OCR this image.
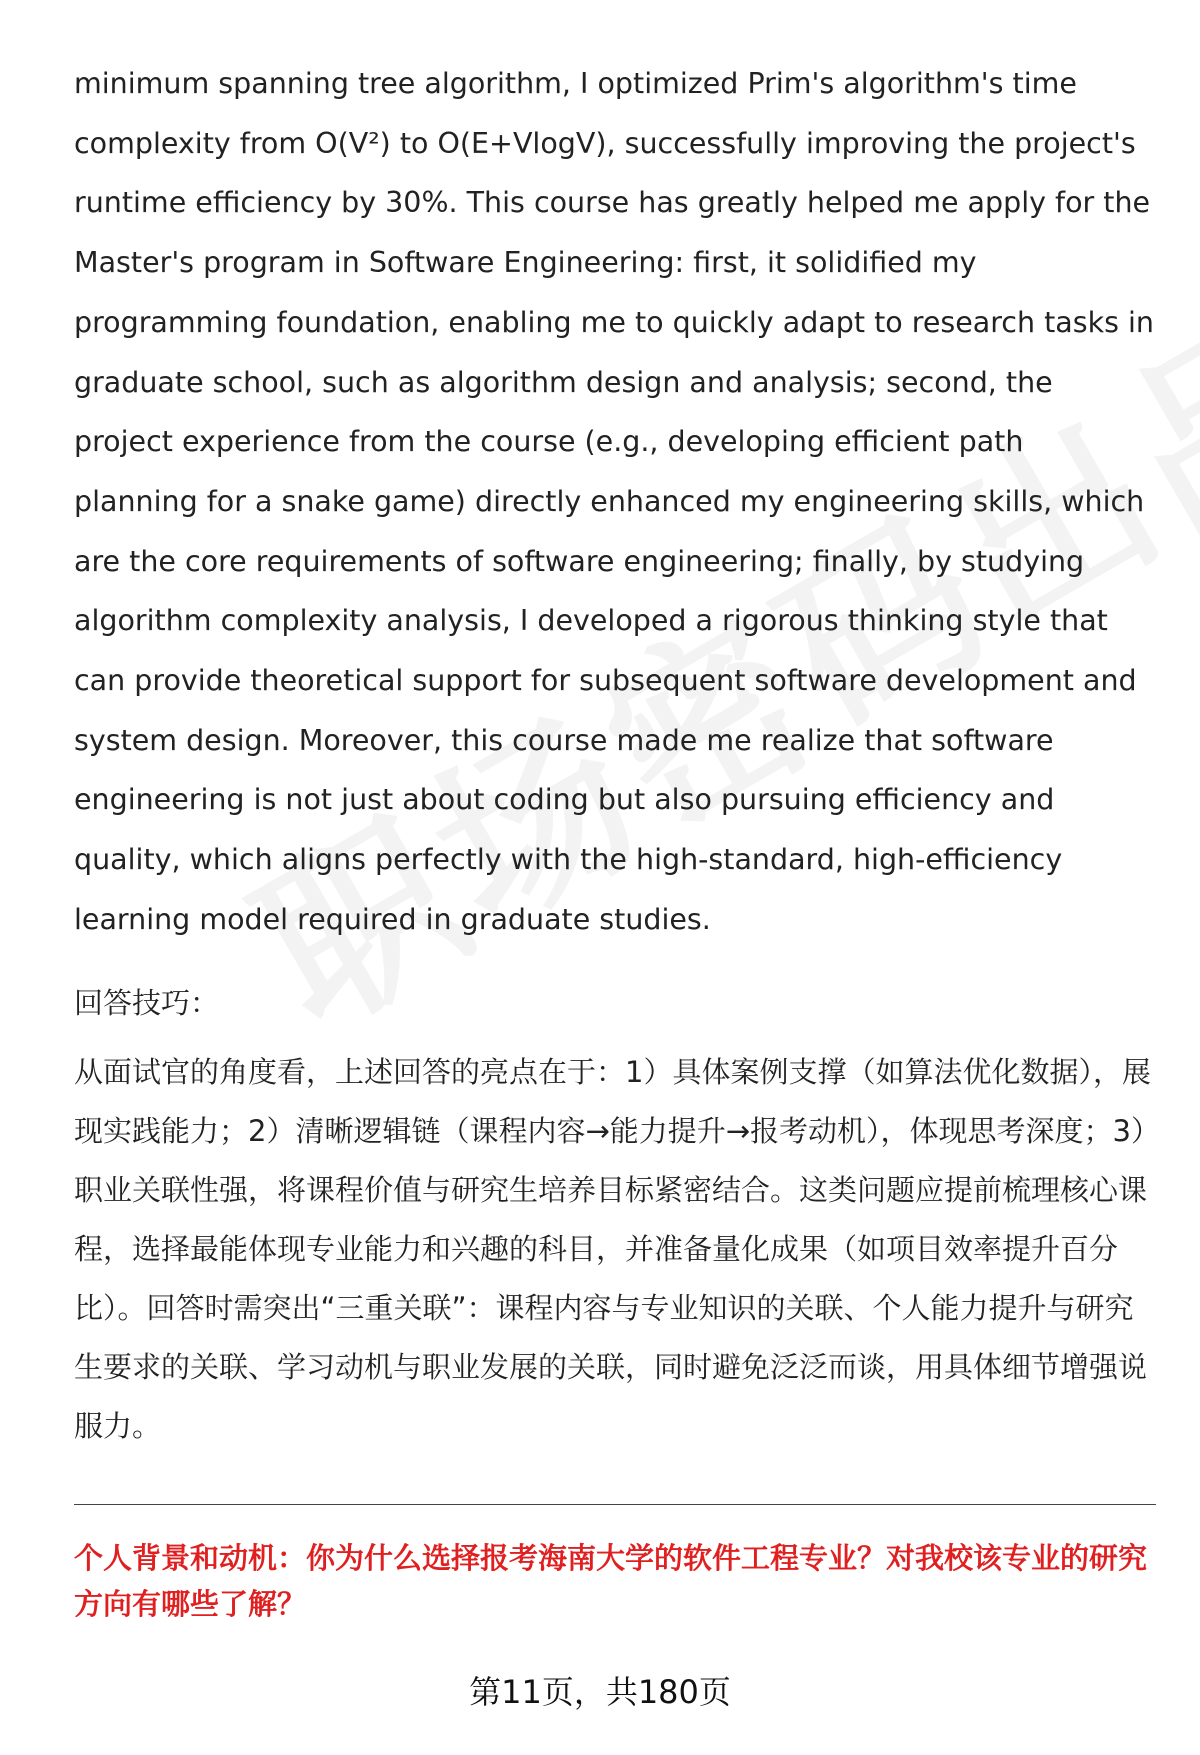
minimum spanning tree algorithm, I optimized Prim's algorithm's time complexity from O(V²) to O(E+VlogV), successfully improving the project's runtime efficiency by 30%. This course has greatly helped me apply for the Master's program in Software Engineering: first, it solidified my programming foundation, enabling me to quickly adapt to research tasks in graduate school, such as algorithm design and analysis; second, the project experience from the course (e.g., developing efficient path planning for a snake game) directly enhanced my engineering skills, which are the core requirements of software engineering; finally, by studying algorithm complexity analysis, I developed a rigorous thinking style that can provide theoretical support for subsequent software development and system design. Moreover, this course made me realize that software engineering is not just about coding but also pursuing efficiency and quality, which aligns perfectly with the high-standard, high-efficiency learning model required in graduate studies.

回答技巧：

从面试官的角度看，上述回答的亮点在于：1）具体案例支撑（如算法优化数据），展现实践能力；2）清晰逻辑链（课程内容→能力提升→报考动机），体现思考深度；3）职业关联性强，将课程价值与研究生培养目标紧密结合。这类问题应提前梳理核心课程，选择最能体现专业能力和兴趣的科目，并准备量化成果（如项目效率提升百分比）。回答时需突出“三重关联”：课程内容与专业知识的关联、个人能力提升与研究生要求的关联、学习动机与职业发展的关联，同时避免泛泛而谈，用具体细节增强说服力。

个人背景和动机：你为什么选择报考海南大学的软件工程专业？对我校该专业的研究方向有哪些了解？

第11页，共180页
